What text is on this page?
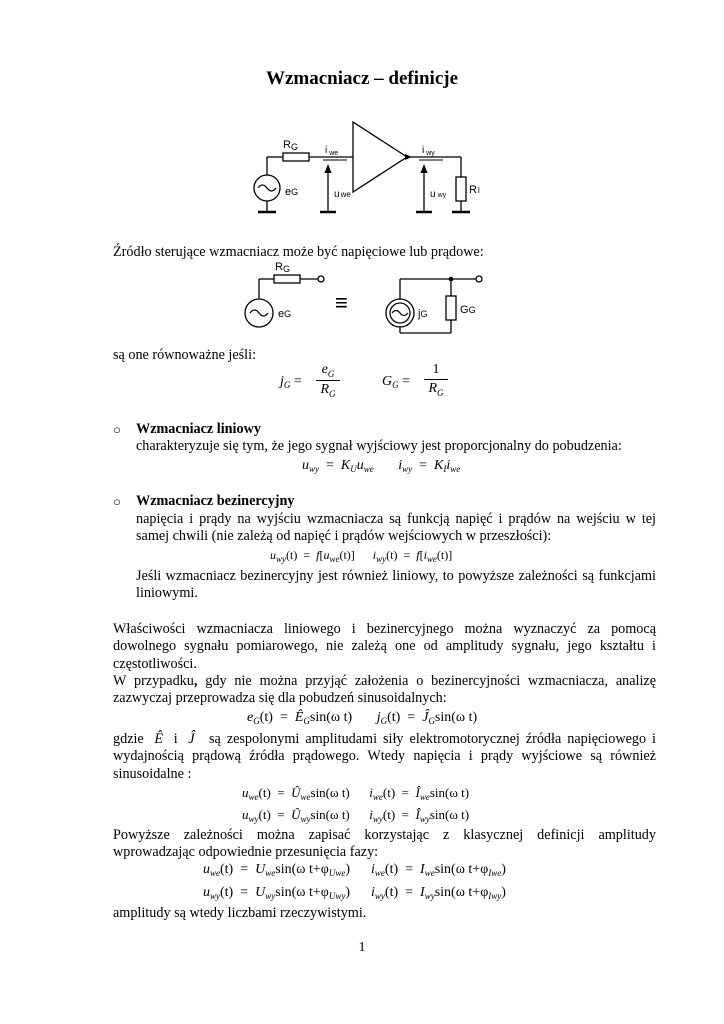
Wzmacniacz – definicje
RG	i $_{we}$
eG	uwe
i $_{wy}$
u wy Rl
Źródło sterujące wzmacniacz może być napięciowe lub prądowe:
RG
eG ≡	jG	GG
są one równoważne jeśli:
$j_G$ =
$e_G$
$R_G$
$G_G$ =
1
$R_G$
○ Wzmacniacz liniowy
charakteryzuje się tym, że jego sygnał wyjściowy jest proporcjonalny do pobudzenia:
$u_{wy} = K_Uu_{we}$ $i_{wy} = K_Ii_{we}$
○ Wzmacniacz bezinercyjny
napięcia i prądy na wyjściu wzmacniacza są funkcją napięć i prądów na wejściu w tej samej chwili (nie zależą od napięć i prądów wejściowych w przeszłości):
$u_{wy}(t) = f[u_{we}(t)] i_{wy}(t) = f[i_{we}(t)]$
Jeśli wzmacniacz bezinercyjny jest również liniowy, to powyższe zależności są funkcjami liniowymi.
Właściwości wzmacniacza liniowego i bezinercyjnego można wyznaczyć za pomocą dowolnego sygnału pomiarowego, nie zależą one od amplitudy sygnału, jego kształtu i częstotliwości.
W przypadku, gdy nie można przyjąć założenia o bezinercyjności wzmacniacza, analizę zazwyczaj przeprowadza się dla pobudzeń sinusoidalnych:
$e_G(t)$ = $Ê_G\sin(\omega$ t) $j_G(t)$ = $Ĵ_G\sin(\omega$ t)
gdzie Ê i Ĵ	są zespolonymi amplitudami siły elektromotorycznej źródła napięciowego i wydajnością prądową źródła prądowego. Wtedy napięcia i prądy wyjściowe są również sinusoidalne :
$u_{we}(t)$ = $Û_{we}\sin(\omega$ t) $i_{we}(t)$ = $Î_{we}\sin(\omega$ t)
$u_{wy}(t)$ = $Û_{wy}\sin(\omega$ t) $i_{wy}(t)$ = $Î_{wy}\sin(\omega$ t)
Powyższe zależności można zapisać korzystając z klasycznej definicji amplitudy wprowadzając odpowiednie przesunięcia fazy:
$u_{we}(t) = U_{we}\sin(\omega$ $t+\varphi_{Uwe}$) $i_{we}(t) = I_{we}\sin(\omega$ $t+\varphi_{Iwe}$)
$u_{wy}(t) = U_{wy}\sin(\omega$ $t+\varphi_{Uwy}$) $i_{wy}(t) = I_{wy}\sin(\omega$ $t+\varphi_{Iwy}$)
amplitudy są wtedy liczbami rzeczywistymi.
1
